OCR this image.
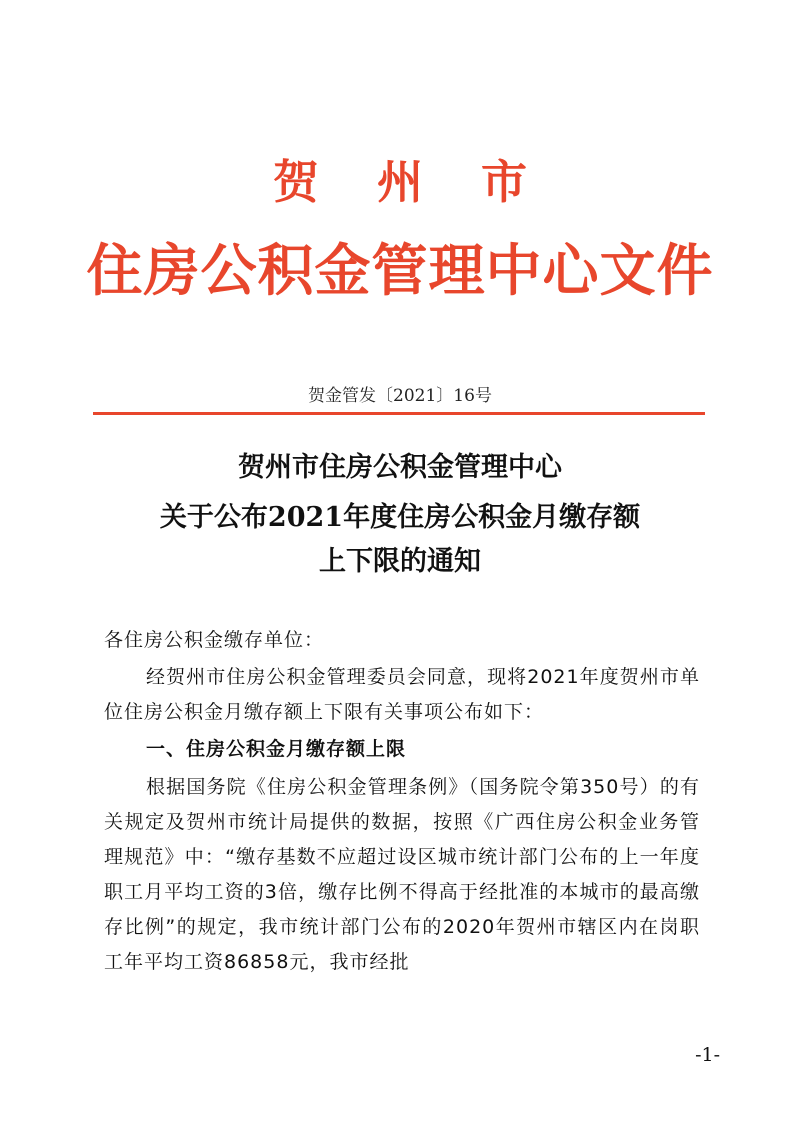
贺州市
住房公积金管理中心文件
贺金管发〔2021〕16号
贺州市住房公积金管理中心
关于公布2021年度住房公积金月缴存额
上下限的通知
各住房公积金缴存单位：
经贺州市住房公积金管理委员会同意，现将2021年度贺州市单位住房公积金月缴存额上下限有关事项公布如下：
一、住房公积金月缴存额上限
根据国务院《住房公积金管理条例》（国务院令第350号）的有关规定及贺州市统计局提供的数据，按照《广西住房公积金业务管理规范》中：“缴存基数不应超过设区城市统计部门公布的上一年度职工月平均工资的3倍，缴存比例不得高于经批准的本城市的最高缴存比例”的规定，我市统计部门公布的2020年贺州市辖区内在岗职工年平均工资86858元，我市经批
-1-
